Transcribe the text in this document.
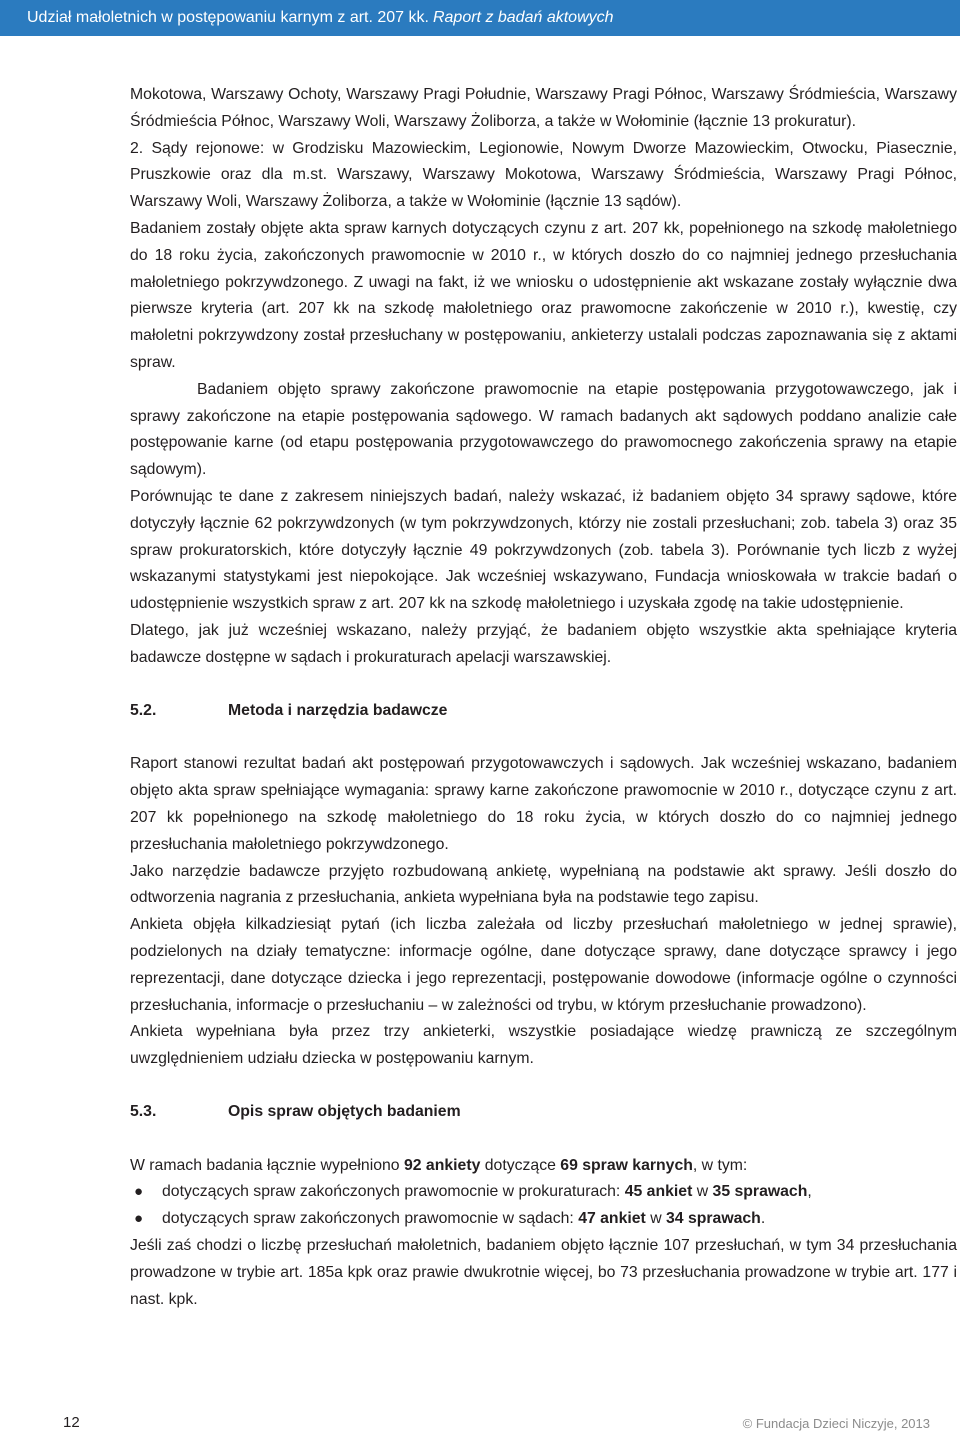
Udział małoletnich w postępowaniu karnym z art. 207 kk. Raport z badań aktowych

Mokotowa, Warszawy Ochoty, Warszawy Pragi Południe, Warszawy Pragi Północ, Warszawy Śródmieścia, Warszawy Śródmieścia Północ, Warszawy Woli, Warszawy Żoliborza, a także w Wołominie (łącznie 13 prokuratur).

2. Sądy rejonowe: w Grodzisku Mazowieckim, Legionowie, Nowym Dworze Mazowieckim, Otwocku, Piasecznie, Pruszkowie oraz dla m.st. Warszawy, Warszawy Mokotowa, Warszawy Śródmieścia, Warszawy Pragi Północ, Warszawy Woli, Warszawy Żoliborza, a także w Wołominie (łącznie 13 sądów).

Badaniem zostały objęte akta spraw karnych dotyczących czynu z art. 207 kk, popełnionego na szkodę małoletniego do 18 roku życia, zakończonych prawomocnie w 2010 r., w których doszło do co najmniej jednego przesłuchania małoletniego pokrzywdzonego. Z uwagi na fakt, iż we wniosku o udostępnienie akt wskazane zostały wyłącznie dwa pierwsze kryteria (art. 207 kk na szkodę małoletniego oraz prawomocne zakończenie w 2010 r.), kwestię, czy małoletni pokrzywdzony został przesłuchany w postępowaniu, ankieterzy ustalali podczas zapoznawania się z aktami spraw.

Badaniem objęto sprawy zakończone prawomocnie na etapie postępowania przygotowawczego, jak i sprawy zakończone na etapie postępowania sądowego. W ramach badanych akt sądowych poddano analizie całe postępowanie karne (od etapu postępowania przygotowawczego do prawomocnego zakończenia sprawy na etapie sądowym).

Porównując te dane z zakresem niniejszych badań, należy wskazać, iż badaniem objęto 34 sprawy sądowe, które dotyczyły łącznie 62 pokrzywdzonych (w tym pokrzywdzonych, którzy nie zostali przesłuchani; zob. tabela 3) oraz 35 spraw prokuratorskich, które dotyczyły łącznie 49 pokrzywdzonych (zob. tabela 3). Porównanie tych liczb z wyżej wskazanymi statystykami jest niepokojące. Jak wcześniej wskazywano, Fundacja wnioskowała w trakcie badań o udostępnienie wszystkich spraw z art. 207 kk na szkodę małoletniego i uzyskała zgodę na takie udostępnienie.

Dlatego, jak już wcześniej wskazano, należy przyjąć, że badaniem objęto wszystkie akta spełniające kryteria badawcze dostępne w sądach i prokuraturach apelacji warszawskiej.

5.2.	Metoda i narzędzia badawcze

Raport stanowi rezultat badań akt postępowań przygotowawczych i sądowych. Jak wcześniej wskazano, badaniem objęto akta spraw spełniające wymagania: sprawy karne zakończone prawomocnie w 2010 r., dotyczące czynu z art. 207 kk popełnionego na szkodę małoletniego do 18 roku życia, w których doszło do co najmniej jednego przesłuchania małoletniego pokrzywdzonego.

Jako narzędzie badawcze przyjęto rozbudowaną ankietę, wypełnianą na podstawie akt sprawy. Jeśli doszło do odtworzenia nagrania z przesłuchania, ankieta wypełniana była na podstawie tego zapisu.

Ankieta objęła kilkadziesiąt pytań (ich liczba zależała od liczby przesłuchań małoletniego w jednej sprawie), podzielonych na działy tematyczne: informacje ogólne, dane dotyczące sprawy, dane dotyczące sprawcy i jego reprezentacji, dane dotyczące dziecka i jego reprezentacji, postępowanie dowodowe (informacje ogólne o czynności przesłuchania, informacje o przesłuchaniu – w zależności od trybu, w którym przesłuchanie prowadzono).

Ankieta wypełniana była przez trzy ankieterki, wszystkie posiadające wiedzę prawniczą ze szczególnym uwzględnieniem udziału dziecka w postępowaniu karnym.

5.3.	Opis spraw objętych badaniem

W ramach badania łącznie wypełniono 92 ankiety dotyczące 69 spraw karnych, w tym:

● dotyczących spraw zakończonych prawomocnie w prokuraturach: 45 ankiet w 35 sprawach,
● dotyczących spraw zakończonych prawomocnie w sądach: 47 ankiet w 34 sprawach.

Jeśli zaś chodzi o liczbę przesłuchań małoletnich, badaniem objęto łącznie 107 przesłuchań, w tym 34 przesłuchania prowadzone w trybie art. 185a kpk oraz prawie dwukrotnie więcej, bo 73 przesłuchania prowadzone w trybie art. 177 i nast. kpk.

12	© Fundacja Dzieci Niczyje, 2013
